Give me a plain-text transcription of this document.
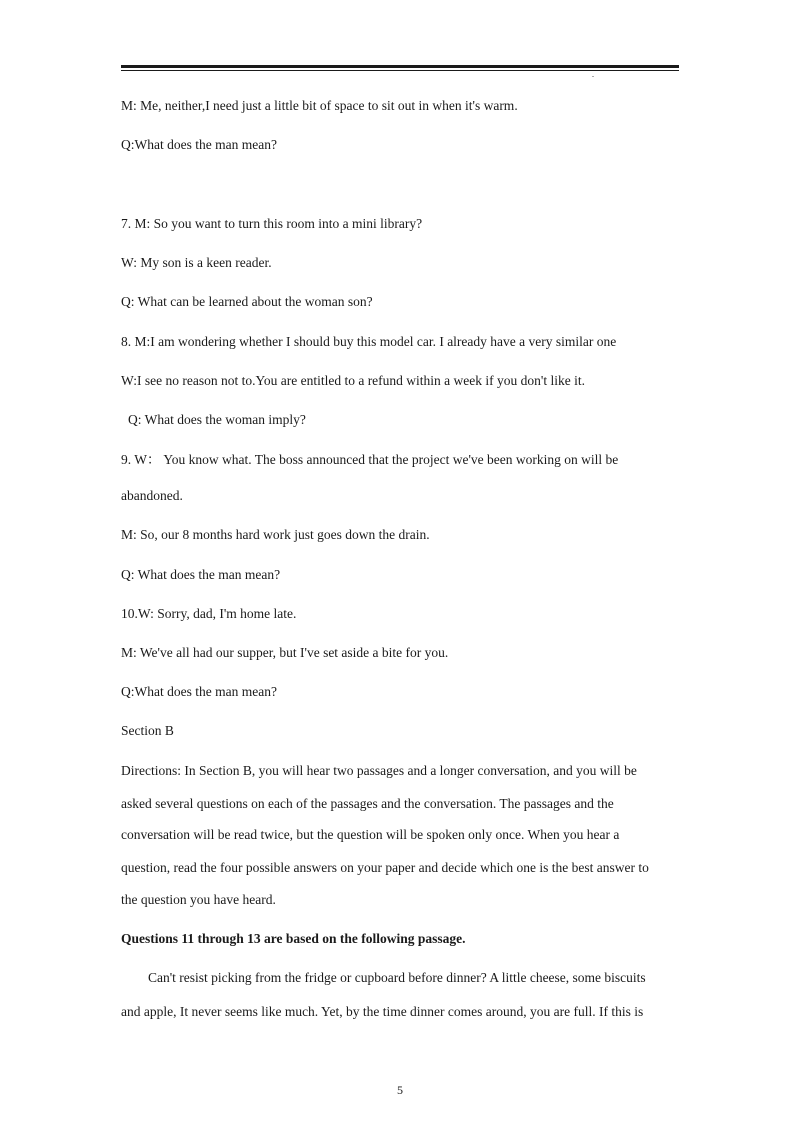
.
M: Me, neither,I need just a little bit of space to sit out in when it's warm.
Q:What does the man mean?
7. M: So you want to turn this room into a mini library?
W: My son is a keen reader.
Q: What can be learned about the woman son?
8. M:I am wondering whether I should buy this model car. I already have a very similar one
W:I see no reason not to.You are entitled to a refund within a week if you don't like it.
Q: What does the woman imply?
9. W： You know what. The boss announced that the project we've been working on will be
abandoned.
M: So, our 8 months hard work just goes down the drain.
Q: What does the man mean?
10.W: Sorry, dad, I'm home late.
M: We've all had our supper, but I've set aside a bite for you.
Q:What does the man mean?
Section B
Directions: In Section B, you will hear two passages and a longer conversation, and you will be
asked several questions on each of the passages and the conversation. The passages and the
conversation will be read twice, but the question will be spoken only once. When you hear a
question, read the four possible answers on your paper and decide which one is the best answer to
the question you have heard.
Questions 11 through 13 are based on the following passage.
Can't resist picking from the fridge or cupboard before dinner? A little cheese, some biscuits
and apple, It never seems like much. Yet, by the time dinner comes around, you are full. If this is
5
